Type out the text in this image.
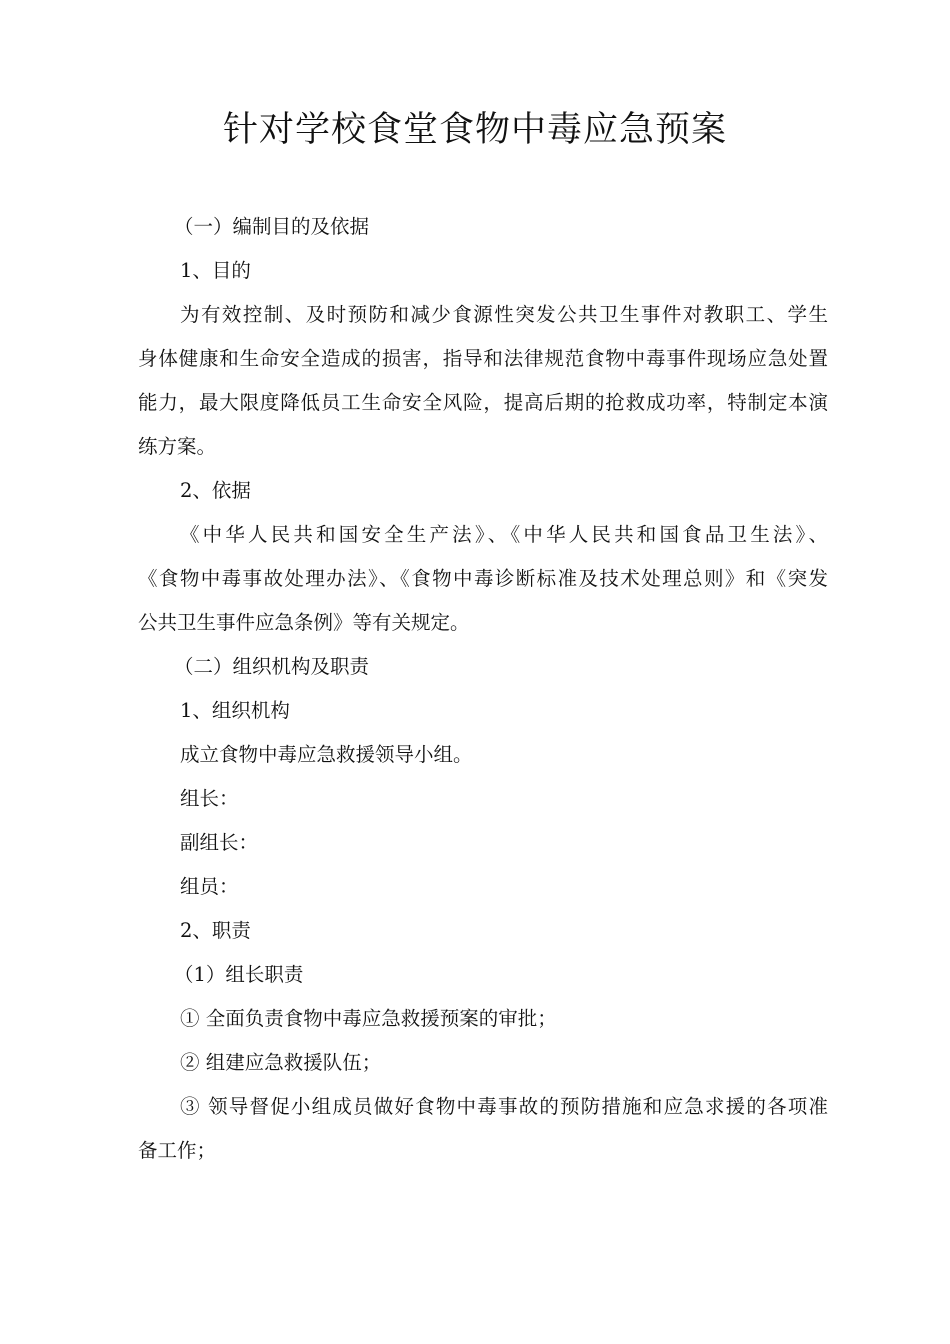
针对学校食堂食物中毒应急预案

（一）编制目的及依据

1、目的

为有效控制、及时预防和减少食源性突发公共卫生事件对教职工、学生

身体健康和生命安全造成的损害，指导和法律规范食物中毒事件现场应急处置

能力，最大限度降低员工生命安全风险，提高后期的抢救成功率，特制定本演

练方案。

2、依据

《中华人民共和国安全生产法》、《中华人民共和国食品卫生法》、

《食物中毒事故处理办法》、《食物中毒诊断标准及技术处理总则》和《突发

公共卫生事件应急条例》等有关规定。

（二）组织机构及职责

1、组织机构

成立食物中毒应急救援领导小组。

组长：

副组长：

组员：

2、职责

（1）组长职责

① 全面负责食物中毒应急救援预案的审批；

② 组建应急救援队伍；

③ 领导督促小组成员做好食物中毒事故的预防措施和应急求援的各项准

备工作；
